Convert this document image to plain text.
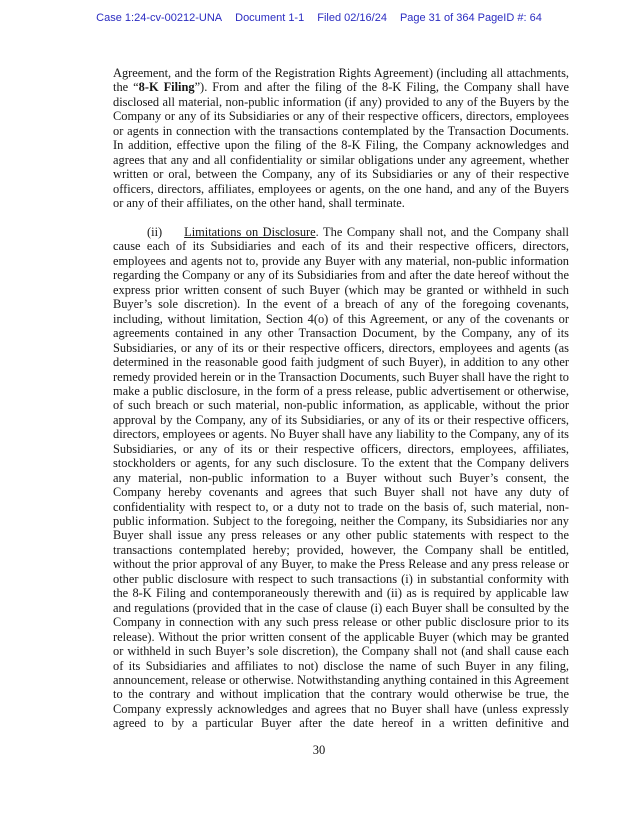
Case 1:24-cv-00212-UNA Document 1-1 Filed 02/16/24 Page 31 of 364 PageID #: 64

Agreement, and the form of the Registration Rights Agreement) (including all attachments, the “8-K Filing”). From and after the filing of the 8-K Filing, the Company shall have disclosed all material, non-public information (if any) provided to any of the Buyers by the Company or any of its Subsidiaries or any of their respective officers, directors, employees or agents in connection with the transactions contemplated by the Transaction Documents. In addition, effective upon the filing of the 8-K Filing, the Company acknowledges and agrees that any and all confidentiality or similar obligations under any agreement, whether written or oral, between the Company, any of its Subsidiaries or any of their respective officers, directors, affiliates, employees or agents, on the one hand, and any of the Buyers or any of their affiliates, on the other hand, shall terminate.

(ii) Limitations on Disclosure. The Company shall not, and the Company shall cause each of its Subsidiaries and each of its and their respective officers, directors, employees and agents not to, provide any Buyer with any material, non-public information regarding the Company or any of its Subsidiaries from and after the date hereof without the express prior written consent of such Buyer (which may be granted or withheld in such Buyer’s sole discretion). In the event of a breach of any of the foregoing covenants, including, without limitation, Section 4(o) of this Agreement, or any of the covenants or agreements contained in any other Transaction Document, by the Company, any of its Subsidiaries, or any of its or their respective officers, directors, employees and agents (as determined in the reasonable good faith judgment of such Buyer), in addition to any other remedy provided herein or in the Transaction Documents, such Buyer shall have the right to make a public disclosure, in the form of a press release, public advertisement or otherwise, of such breach or such material, non-public information, as applicable, without the prior approval by the Company, any of its Subsidiaries, or any of its or their respective officers, directors, employees or agents. No Buyer shall have any liability to the Company, any of its Subsidiaries, or any of its or their respective officers, directors, employees, affiliates, stockholders or agents, for any such disclosure. To the extent that the Company delivers any material, non-public information to a Buyer without such Buyer’s consent, the Company hereby covenants and agrees that such Buyer shall not have any duty of confidentiality with respect to, or a duty not to trade on the basis of, such material, non-public information. Subject to the foregoing, neither the Company, its Subsidiaries nor any Buyer shall issue any press releases or any other public statements with respect to the transactions contemplated hereby; provided, however, the Company shall be entitled, without the prior approval of any Buyer, to make the Press Release and any press release or other public disclosure with respect to such transactions (i) in substantial conformity with the 8-K Filing and contemporaneously therewith and (ii) as is required by applicable law and regulations (provided that in the case of clause (i) each Buyer shall be consulted by the Company in connection with any such press release or other public disclosure prior to its release). Without the prior written consent of the applicable Buyer (which may be granted or withheld in such Buyer’s sole discretion), the Company shall not (and shall cause each of its Subsidiaries and affiliates to not) disclose the name of such Buyer in any filing, announcement, release or otherwise. Notwithstanding anything contained in this Agreement to the contrary and without implication that the contrary would otherwise be true, the Company expressly acknowledges and agrees that no Buyer shall have (unless expressly agreed to by a particular Buyer after the date hereof in a written definitive and

30
